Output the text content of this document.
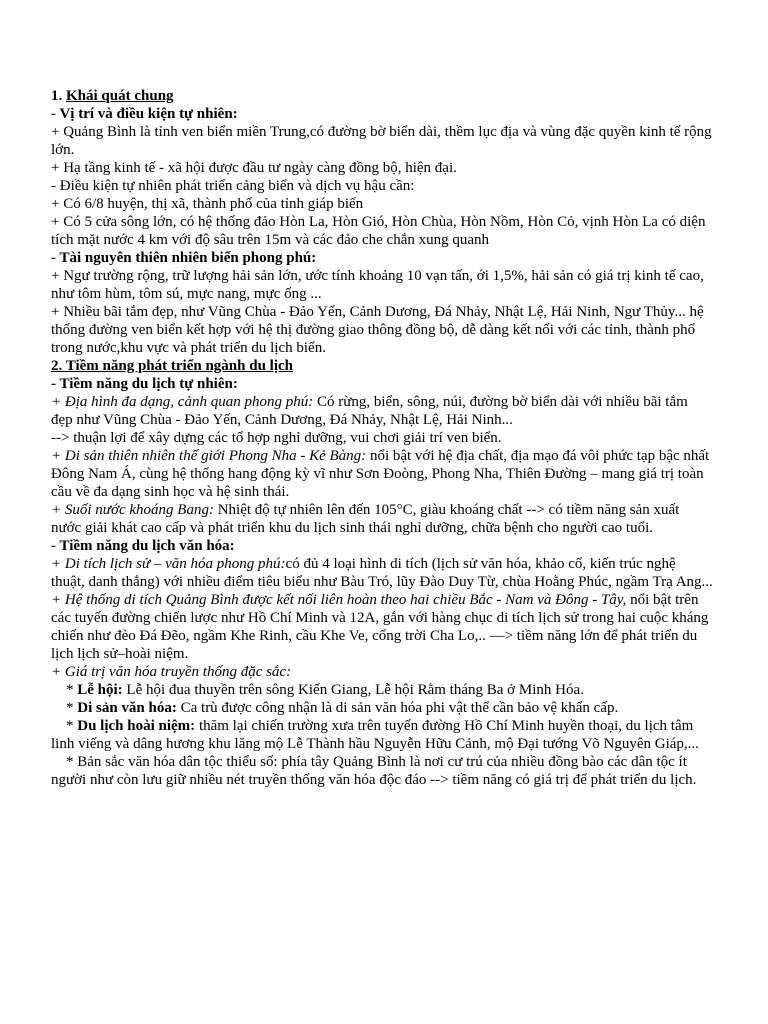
1. Khái quát chung
- Vị trí và điều kiện tự nhiên:
+ Quảng Bình là tỉnh ven biển miền Trung,có đường bờ biển dài, thềm lục địa và vùng đặc quyền kinh tế rộng lớn.
+ Hạ tầng kinh tế - xã hội được đầu tư ngày càng đồng bộ, hiện đại.
- Điều kiện tự nhiên phát triển cảng biển và dịch vụ hậu cần:
+ Có 6/8 huyện, thị xã, thành phố của tỉnh giáp biển
+ Có 5 cửa sông lớn, có hệ thống đảo Hòn La, Hòn Gió, Hòn Chùa, Hòn Nồm, Hòn Cỏ, vịnh Hòn La có diện tích mặt nước 4 km với độ sâu trên 15m và các đảo che chắn xung quanh
- Tài nguyên thiên nhiên biển phong phú:
+ Ngư trường rộng, trữ lượng hải sản lớn, ước tính khoảng 10 vạn tấn, ới 1,5%, hải sản có giá trị kinh tế cao, như tôm hùm, tôm sú, mực nang, mực ống ...
+ Nhiều bãi tắm đẹp, như Vũng Chùa - Đảo Yến, Cảnh Dương, Đá Nhảy, Nhật Lệ, Hải Ninh, Ngư Thủy... hệ thống đường ven biển kết hợp với hệ thị đường giao thông đồng bộ, dễ dàng kết nối với các tỉnh, thành phố trong nước,khu vực và phát triển du lịch biển.
2. Tiềm năng phát triển ngành du lịch
- Tiềm năng du lịch tự nhiên:
+ Địa hình đa dạng, cảnh quan phong phú: Có rừng, biển, sông, núi, đường bờ biển dài với nhiều bãi tắm đẹp như Vũng Chùa - Đảo Yến, Cảnh Dương, Đá Nhảy, Nhật Lệ, Hải Ninh...
--> thuận lợi để xây dựng các tổ hợp nghỉ dưỡng, vui chơi giải trí ven biển.
+ Di sản thiên nhiên thế giới Phong Nha - Kẻ Bàng: nổi bật với hệ địa chất, địa mạo đá vôi phức tạp bậc nhất Đông Nam Á, cùng hệ thống hang động kỳ vĩ như Sơn Đoòng, Phong Nha, Thiên Đường – mang giá trị toàn cầu về đa dạng sinh học và hệ sinh thái.
+ Suối nước khoáng Bang: Nhiệt độ tự nhiên lên đến 105°C, giàu khoáng chất --> có tiềm năng sản xuất nước giải khát cao cấp và phát triển khu du lịch sinh thái nghỉ dưỡng, chữa bệnh cho người cao tuổi.
- Tiềm năng du lịch văn hóa:
+ Di tích lịch sử – văn hóa phong phú:có đủ 4 loại hình di tích (lịch sử văn hóa, khảo cổ, kiến trúc nghệ thuật, danh thắng) với nhiều điểm tiêu biểu như Bàu Tró, lũy Đào Duy Từ, chùa Hoằng Phúc, ngầm Trạ Ang...
+ Hệ thống di tích Quảng Bình được kết nối liên hoàn theo hai chiều Bắc - Nam và Đông - Tây, nổi bật trên các tuyến đường chiến lược như Hồ Chí Minh và 12A, gắn với hàng chục di tích lịch sử trong hai cuộc kháng chiến như đèo Đá Đẽo, ngầm Khe Rinh, cầu Khe Ve, cổng trời Cha Lo,.. —> tiềm năng lớn để phát triển du lịch lịch sử–hoài niệm.
+ Giá trị văn hóa truyền thống đặc sắc:
* Lễ hội: Lễ hội đua thuyền trên sông Kiến Giang, Lễ hội Rằm tháng Ba ở Minh Hóa.
* Di sản văn hóa: Ca trù được công nhận là di sản văn hóa phi vật thể cần bảo vệ khẩn cấp.
* Du lịch hoài niệm: thăm lại chiến trường xưa trên tuyến đường Hồ Chí Minh huyền thoại, du lịch tâm linh viếng và dâng hương khu lăng mộ Lễ Thành hầu Nguyễn Hữu Cảnh, mộ Đại tướng Võ Nguyên Giáp,...
* Bản sắc văn hóa dân tộc thiểu số: phía tây Quảng Bình là nơi cư trú của nhiều đồng bào các dân tộc ít người như còn lưu giữ nhiều nét truyền thống văn hóa độc đáo --> tiềm năng có giá trị để phát triển du lịch.
